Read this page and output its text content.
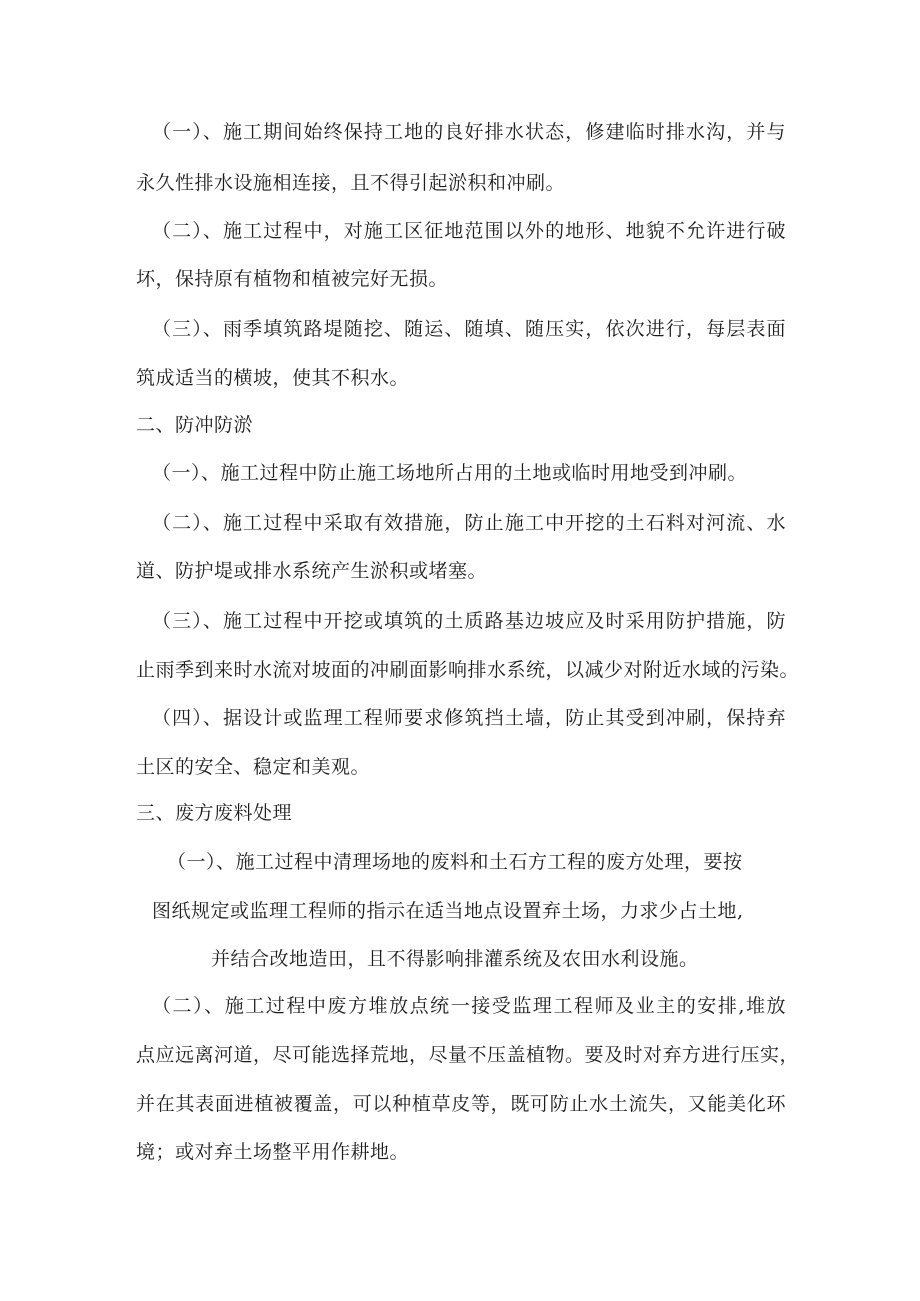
（一）、施工期间始终保持工地的良好排水状态，修建临时排水沟，并与
永久性排水设施相连接，且不得引起淤积和冲刷。
（二）、施工过程中，对施工区征地范围以外的地形、地貌不允许进行破
坏，保持原有植物和植被完好无损。
（三）、雨季填筑路堤随挖、随运、随填、随压实，依次进行，每层表面
筑成适当的横坡，使其不积水。
二、防冲防淤
（一）、施工过程中防止施工场地所占用的土地或临时用地受到冲刷。
（二）、施工过程中采取有效措施，防止施工中开挖的土石料对河流、水
道、防护堤或排水系统产生淤积或堵塞。
（三）、施工过程中开挖或填筑的土质路基边坡应及时采用防护措施，防
止雨季到来时水流对坡面的冲刷面影响排水系统，以减少对附近水域的污染。
（四）、据设计或监理工程师要求修筑挡土墙，防止其受到冲刷，保持弃
土区的安全、稳定和美观。
三、废方废料处理
（一）、施工过程中清理场地的废料和土石方工程的废方处理，要按
图纸规定或监理工程师的指示在适当地点设置弃土场，力求少占土地,
并结合改地造田，且不得影响排灌系统及农田水利设施。
（二）、施工过程中废方堆放点统一接受监理工程师及业主的安排,堆放
点应远离河道，尽可能选择荒地，尽量不压盖植物。要及时对弃方进行压实，
并在其表面进植被覆盖，可以种植草皮等，既可防止水土流失，又能美化环
境；或对弃土场整平用作耕地。
